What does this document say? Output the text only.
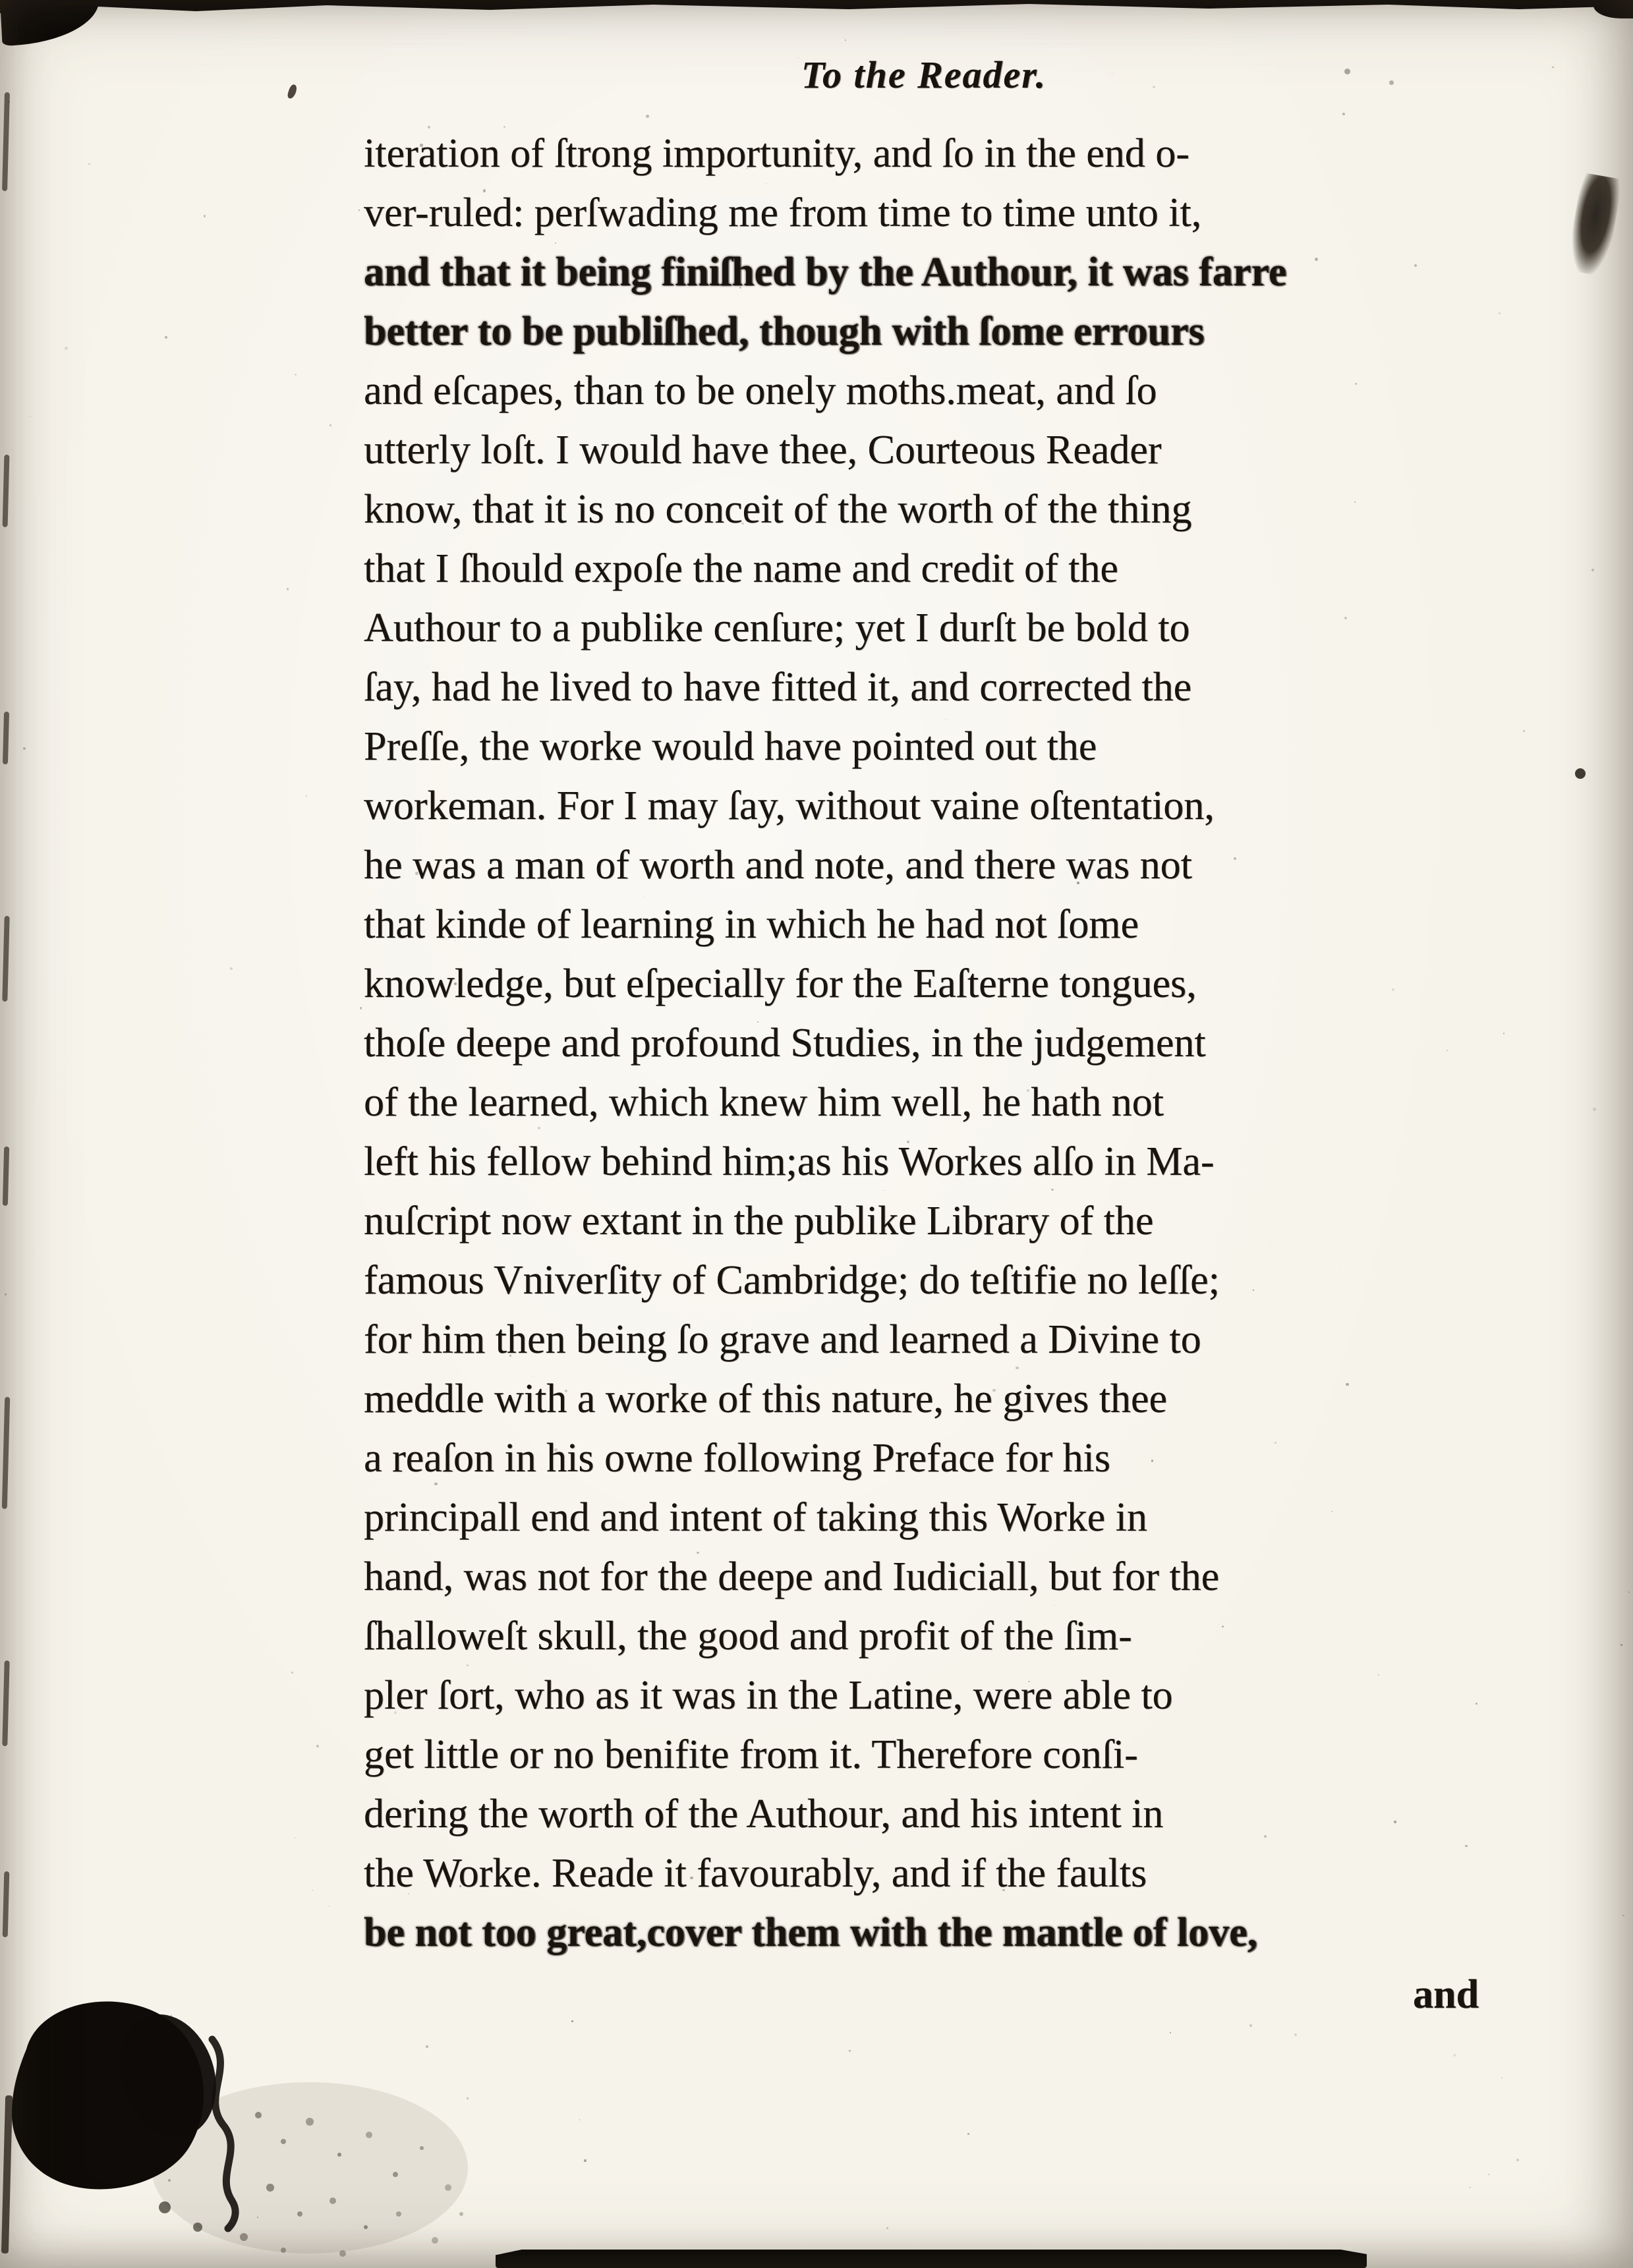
To the Reader.
iteration of ſtrong importunity, and ſo in the end o-
ver-ruled: perſwading me from time to time unto it,
and that it being finiſhed by the Authour, it was farre
better to be publiſhed, though with ſome errours
and eſcapes, than to be onely moths.meat, and ſo
utterly loſt. I would have thee, Courteous Reader
know, that it is no conceit of the worth of the thing
that I ſhould expoſe the name and credit of the
Authour to a publike cenſure; yet I durſt be bold to
ſay, had he lived to have fitted it, and corrected the
Preſſe, the worke would have pointed out the
workeman. For I may ſay, without vaine oſtentation,
he was a man of worth and note, and there was not
that kinde of learning in which he had not ſome
knowledge, but eſpecially for the Eaſterne tongues,
thoſe deepe and profound Studies, in the judgement
of the learned, which knew him well, he hath not
left his fellow behind him;as his Workes alſo in Ma-
nuſcript now extant in the publike Library of the
famous Vniverſity of Cambridge; do teſtifie no leſſe;
for him then being ſo grave and learned a Divine to
meddle with a worke of this nature, he gives thee
a reaſon in his owne following Preface for his
principall end and intent of taking this Worke in
hand, was not for the deepe and Iudiciall, but for the
ſhalloweſt skull, the good and profit of the ſim-
pler ſort, who as it was in the Latine, were able to
get little or no benifite from it. Therefore conſi-
dering the worth of the Authour, and his intent in
the Worke. Reade it favourably, and if the faults
be not too great,cover them with the mantle of love,
and
